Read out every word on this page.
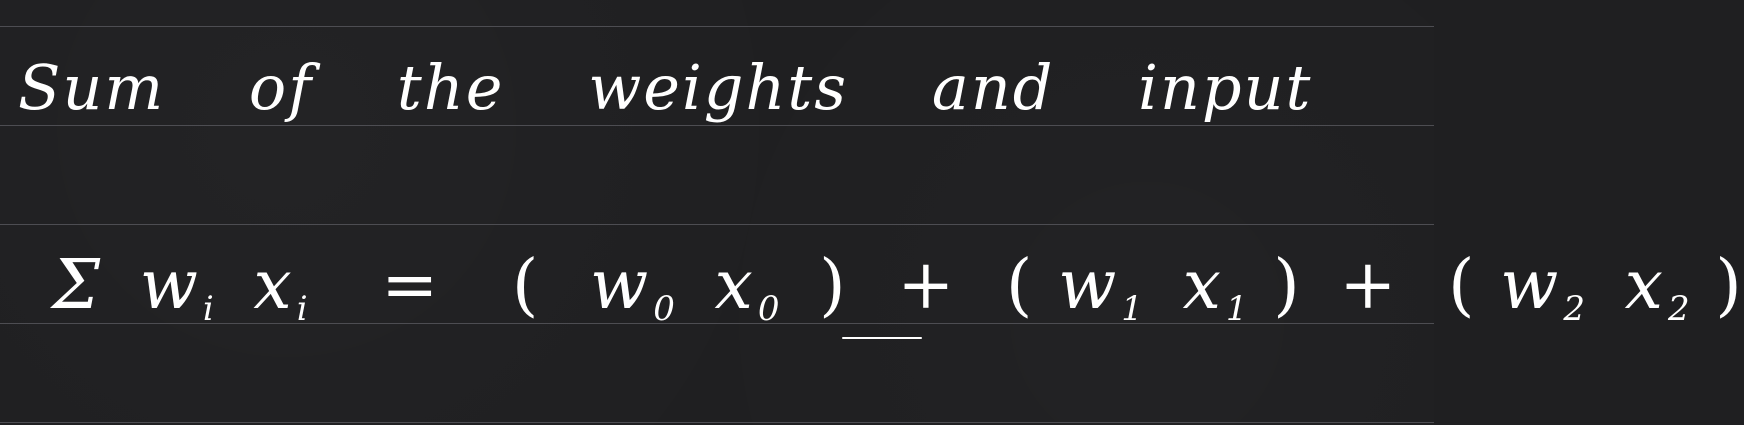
Sum of the weights and input
Σ wi xi = ( w0 x0 ) + ( w1 x1 ) + ( w2 x2 )
